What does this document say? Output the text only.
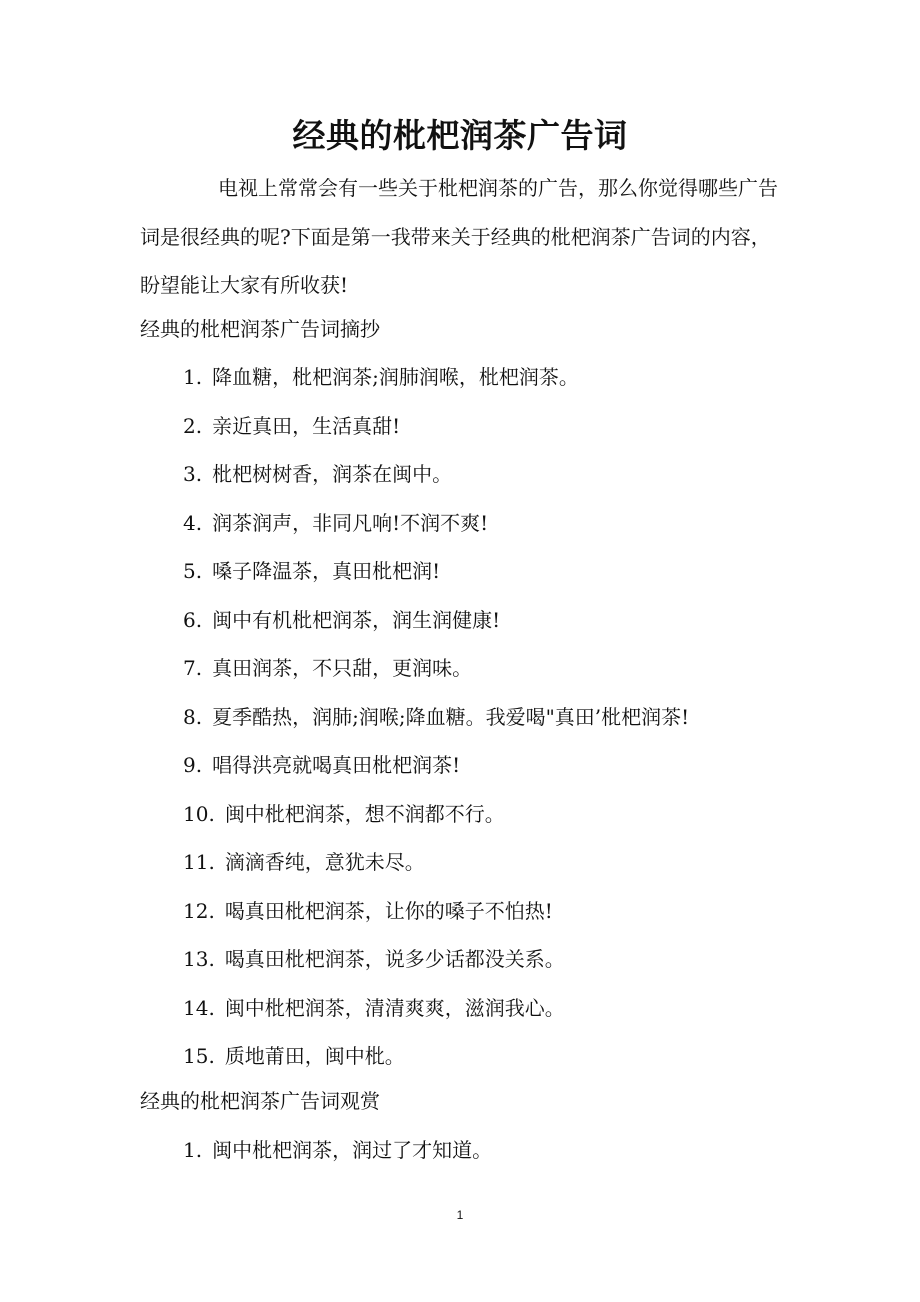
经典的枇杷润茶广告词

电视上常常会有一些关于枇杷润茶的广告，那么你觉得哪些广告词是很经典的呢?下面是第一我带来关于经典的枇杷润茶广告词的内容，盼望能让大家有所收获!

经典的枇杷润茶广告词摘抄

1. 降血糖，枇杷润茶;润肺润喉，枇杷润茶。
2. 亲近真田，生活真甜!
3. 枇杷树树香，润茶在闽中。
4. 润茶润声，非同凡响!不润不爽!
5. 嗓子降温茶，真田枇杷润!
6. 闽中有机枇杷润茶，润生润健康!
7. 真田润茶，不只甜，更润味。
8. 夏季酷热，润肺;润喉;降血糖。我爱喝"真田’枇杷润茶!
9. 唱得洪亮就喝真田枇杷润茶!
10. 闽中枇杷润茶，想不润都不行。
11. 滴滴香纯，意犹未尽。
12. 喝真田枇杷润茶，让你的嗓子不怕热!
13. 喝真田枇杷润茶，说多少话都没关系。
14. 闽中枇杷润茶，清清爽爽，滋润我心。
15. 质地莆田，闽中枇。

经典的枇杷润茶广告词观赏

1. 闽中枇杷润茶，润过了才知道。
1
